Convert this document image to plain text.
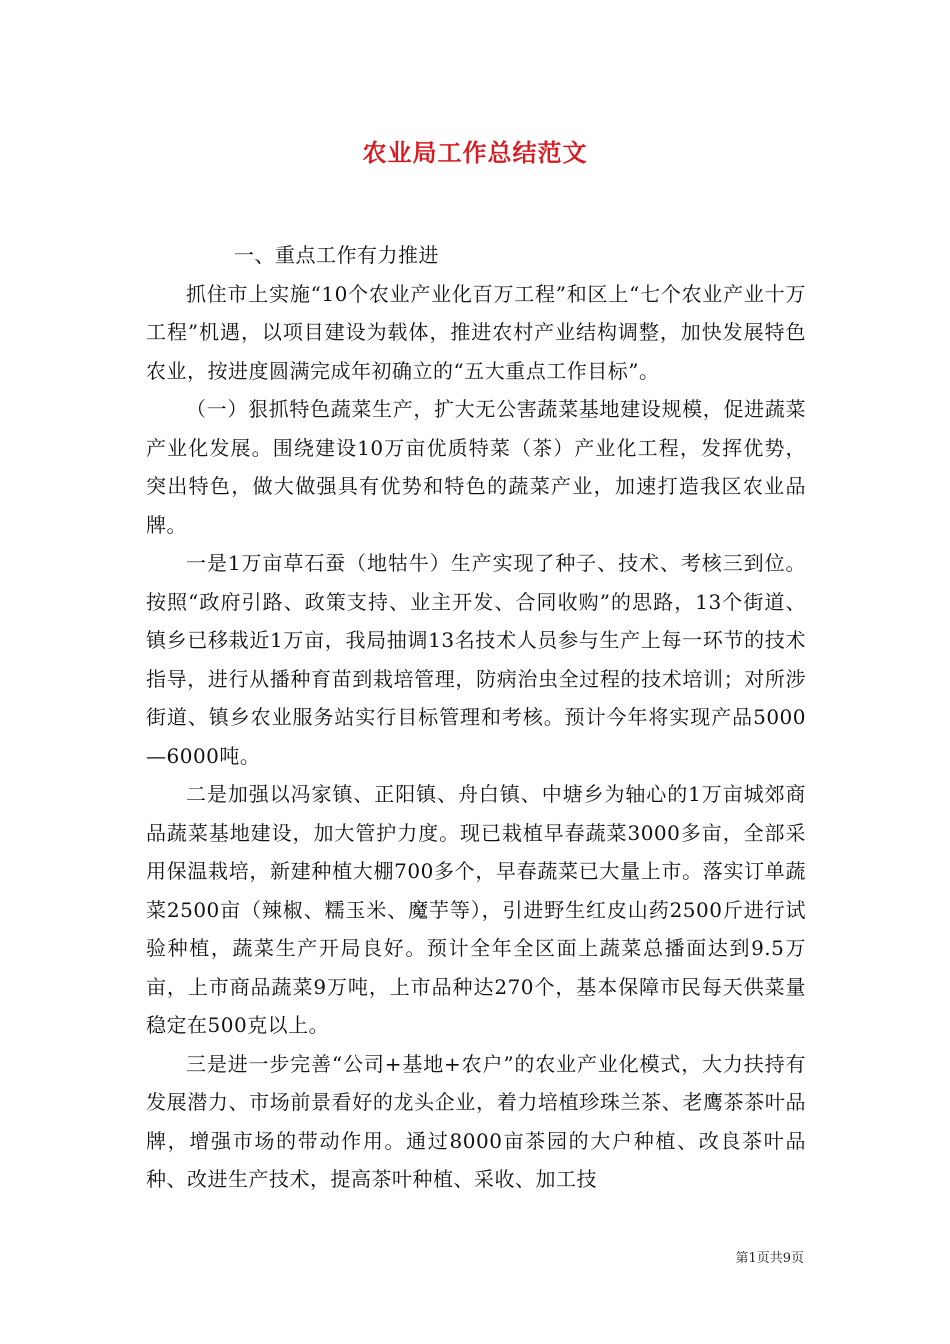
农业局工作总结范文

一、重点工作有力推进

抓住市上实施“10个农业产业化百万工程”和区上“七个农业产业十万工程”机遇，以项目建设为载体，推进农村产业结构调整，加快发展特色农业，按进度圆满完成年初确立的“五大重点工作目标”。

（一）狠抓特色蔬菜生产，扩大无公害蔬菜基地建设规模，促进蔬菜产业化发展。围绕建设10万亩优质特菜（茶）产业化工程，发挥优势，突出特色，做大做强具有优势和特色的蔬菜产业，加速打造我区农业品牌。

一是1万亩草石蚕（地牯牛）生产实现了种子、技术、考核三到位。按照“政府引路、政策支持、业主开发、合同收购”的思路，13个街道、镇乡已移栽近1万亩，我局抽调13名技术人员参与生产上每一环节的技术指导，进行从播种育苗到栽培管理，防病治虫全过程的技术培训；对所涉街道、镇乡农业服务站实行目标管理和考核。预计今年将实现产品5000—6000吨。

二是加强以冯家镇、正阳镇、舟白镇、中塘乡为轴心的1万亩城郊商品蔬菜基地建设，加大管护力度。现已栽植早春蔬菜3000多亩，全部采用保温栽培，新建种植大棚700多个，早春蔬菜已大量上市。落实订单蔬菜2500亩（辣椒、糯玉米、魔芋等），引进野生红皮山药2500斤进行试验种植，蔬菜生产开局良好。预计全年全区面上蔬菜总播面达到9.5万亩，上市商品蔬菜9万吨，上市品种达270个，基本保障市民每天供菜量稳定在500克以上。

三是进一步完善“公司+基地+农户”的农业产业化模式，大力扶持有发展潜力、市场前景看好的龙头企业，着力培植珍珠兰茶、老鹰茶茶叶品牌，增强市场的带动作用。通过8000亩茶园的大户种植、改良茶叶品种、改进生产技术，提高茶叶种植、采收、加工技

第1页共9页
